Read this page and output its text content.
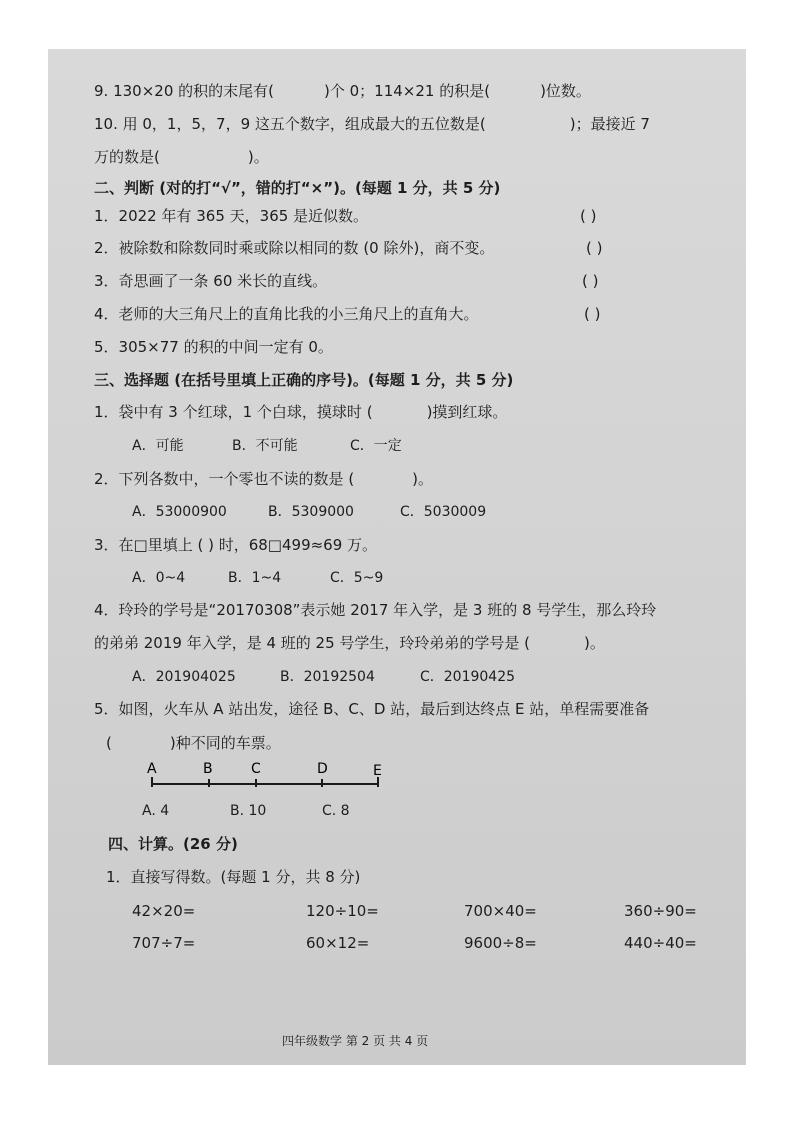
9. 130×20 的积的末尾有(	)个 0；114×21 的积是(	)位数。
10. 用 0，1，5，7，9 这五个数字，组成最大的五位数是(	)；最接近 7
万的数是(	)。
二、判断 (对的打“√”，错的打“×”)。(每题 1 分，共 5 分)
1．2022 年有 365 天，365 是近似数。	( )
2．被除数和除数同时乘或除以相同的数 (0 除外)，商不变。	( )
3．奇思画了一条 60 米长的直线。	( )
4．老师的大三角尺上的直角比我的小三角尺上的直角大。	( )
5．305×77 的积的中间一定有 0。
三、选择题 (在括号里填上正确的序号)。(每题 1 分，共 5 分)
1．袋中有 3 个红球，1 个白球，摸球时 (	)摸到红球。
A．可能	B．不可能	C．一定
2．下列各数中，一个零也不读的数是 (	)。
A．53000900	B．5309000	C．5030009
3．在□里填上 ( ) 时，68□499≈69 万。
A．0~4	B．1~4	C．5~9
4．玲玲的学号是“20170308”表示她 2017 年入学，是 3 班的 8 号学生，那么玲玲
的弟弟 2019 年入学，是 4 班的 25 号学生，玲玲弟弟的学号是 (	)。
A．201904025	B．20192504	C．20190425
5．如图，火车从 A 站出发，途径 B、C、D 站，最后到达终点 E 站，单程需要准备
(	)种不同的车票。
A	B	C	D	E
A. 4	B. 10	C. 8
四、计算。(26 分)
1．直接写得数。(每题 1 分，共 8 分)
42×20=	120÷10=	700×40=	360÷90=
707÷7=	60×12=	9600÷8=	440÷40=
四年级数学 第 2 页 共 4 页
